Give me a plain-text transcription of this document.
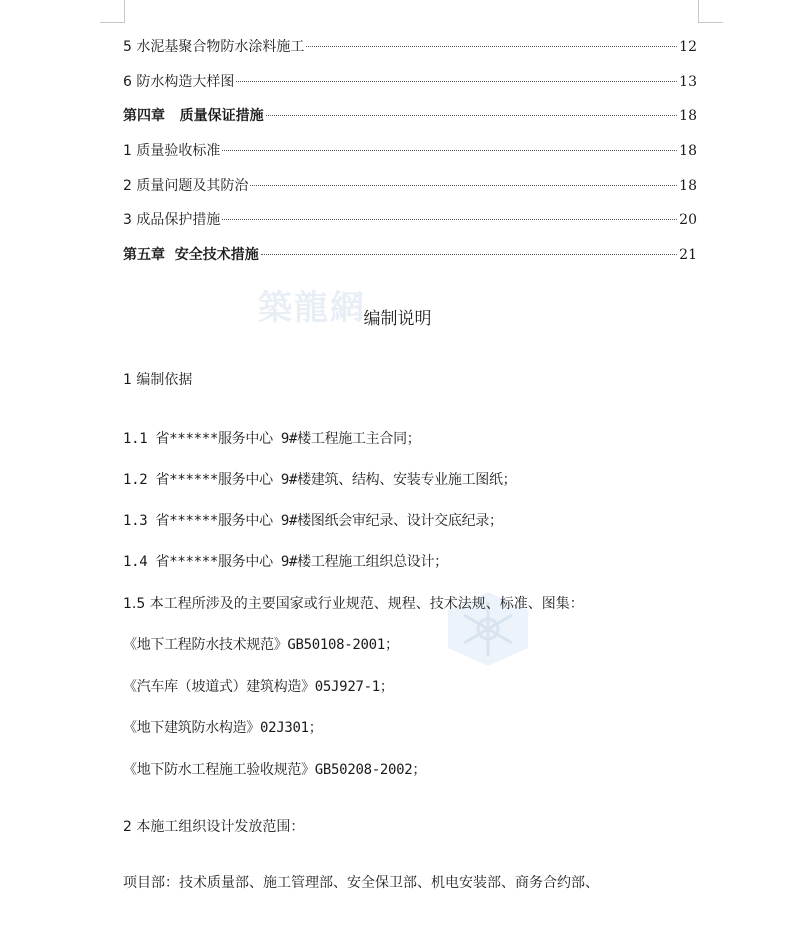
築龍網
5 水泥基聚合物防水涂料施工	12
6 防水构造大样图	13
第四章   质量保证措施	18
1 质量验收标准	18
2 质量问题及其防治	18
3 成品保护措施	20
第五章  安全技术措施	21
编制说明
1 编制依据
1.1 省******服务中心 9#楼工程施工主合同；
1.2 省******服务中心 9#楼建筑、结构、安装专业施工图纸；
1.3 省******服务中心 9#楼图纸会审纪录、设计交底纪录；
1.4 省******服务中心 9#楼工程施工组织总设计；
1.5 本工程所涉及的主要国家或行业规范、规程、技术法规、标准、图集：
《地下工程防水技术规范》GB50108-2001；
《汽车库（坡道式）建筑构造》05J927-1；
《地下建筑防水构造》02J301；
《地下防水工程施工验收规范》GB50208-2002；
2 本施工组织设计发放范围：
项目部：技术质量部、施工管理部、安全保卫部、机电安装部、商务合约部、
